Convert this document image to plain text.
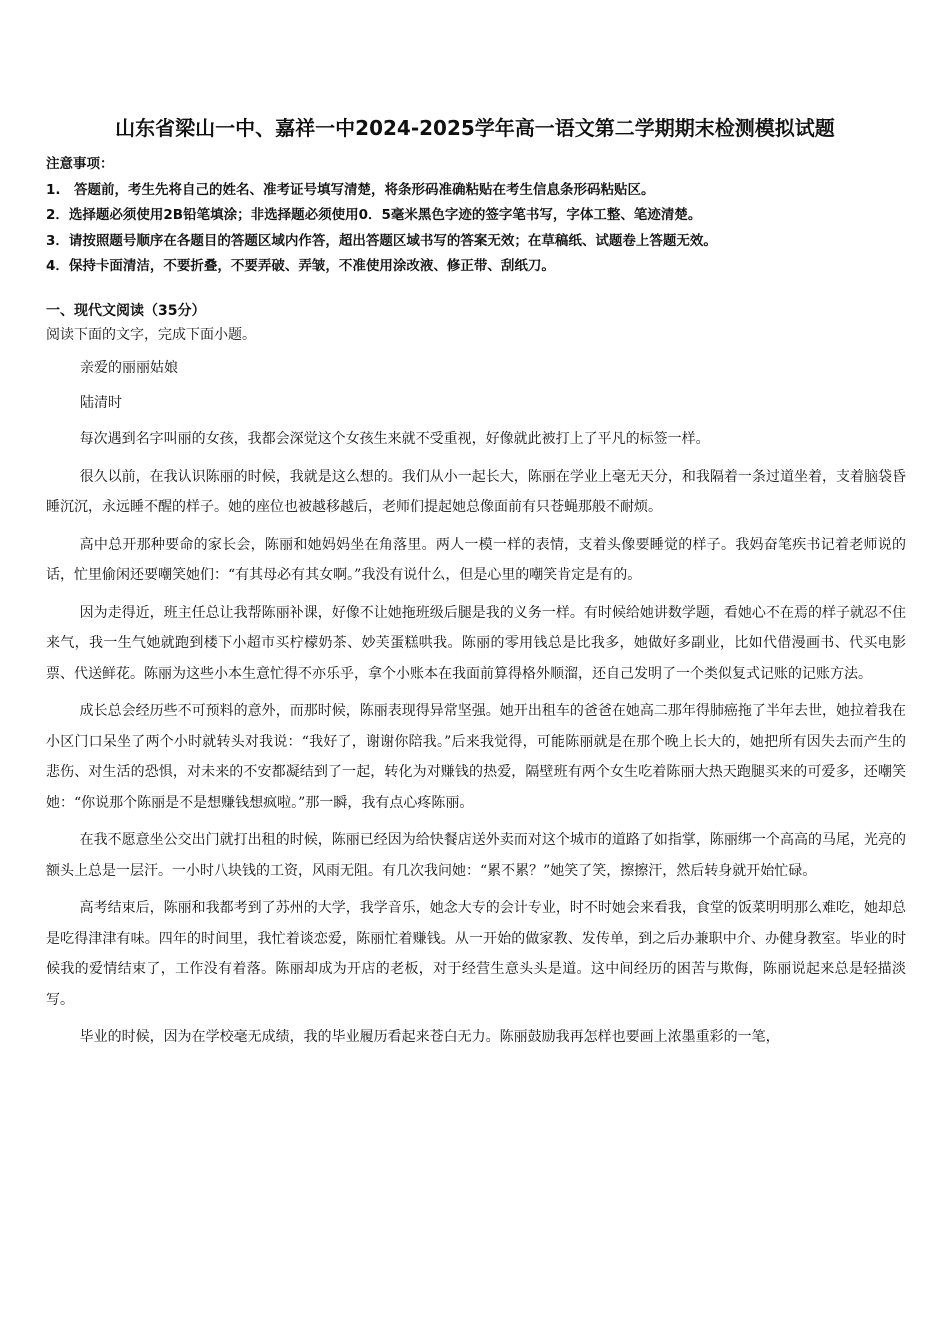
山东省梁山一中、嘉祥一中2024-2025学年高一语文第二学期期末检测模拟试题
注意事项：
1.　答题前，考生先将自己的姓名、准考证号填写清楚，将条形码准确粘贴在考生信息条形码粘贴区。
2．选择题必须使用2B铅笔填涂；非选择题必须使用0．5毫米黑色字迹的签字笔书写，字体工整、笔迹清楚。
3．请按照题号顺序在各题目的答题区域内作答，超出答题区域书写的答案无效；在草稿纸、试题卷上答题无效。
4．保持卡面清洁，不要折叠，不要弄破、弄皱，不准使用涂改液、修正带、刮纸刀。
一、现代文阅读（35分）
阅读下面的文字，完成下面小题。
亲爱的丽丽姑娘
陆清时

每次遇到名字叫丽的女孩，我都会深觉这个女孩生来就不受重视，好像就此被打上了平凡的标签一样。

很久以前，在我认识陈丽的时候，我就是这么想的。我们从小一起长大，陈丽在学业上毫无天分，和我隔着一条过道坐着，支着脑袋昏睡沉沉，永远睡不醒的样子。她的座位也被越移越后，老师们提起她总像面前有只苍蝇那般不耐烦。

高中总开那种要命的家长会，陈丽和她妈妈坐在角落里。两人一模一样的表情，支着头像要睡觉的样子。我妈奋笔疾书记着老师说的话，忙里偷闲还要嘲笑她们：“有其母必有其女啊。”我没有说什么，但是心里的嘲笑肯定是有的。

因为走得近，班主任总让我帮陈丽补课，好像不让她拖班级后腿是我的义务一样。有时候给她讲数学题，看她心不在焉的样子就忍不住来气，我一生气她就跑到楼下小超市买柠檬奶茶、妙芙蛋糕哄我。陈丽的零用钱总是比我多，她做好多副业，比如代借漫画书、代买电影票、代送鲜花。陈丽为这些小本生意忙得不亦乐乎，拿个小账本在我面前算得格外顺溜，还自己发明了一个类似复式记账的记账方法。

成长总会经历些不可预料的意外，而那时候，陈丽表现得异常坚强。她开出租车的爸爸在她高二那年得肺癌拖了半年去世，她拉着我在小区门口呆坐了两个小时就转头对我说：“我好了，谢谢你陪我。”后来我觉得，可能陈丽就是在那个晚上长大的，她把所有因失去而产生的悲伤、对生活的恐惧，对未来的不安都凝结到了一起，转化为对赚钱的热爱，隔壁班有两个女生吃着陈丽大热天跑腿买来的可爱多，还嘲笑她：“你说那个陈丽是不是想赚钱想疯啦。”那一瞬，我有点心疼陈丽。

在我不愿意坐公交出门就打出租的时候，陈丽已经因为给快餐店送外卖而对这个城市的道路了如指掌，陈丽绑一个高高的马尾，光亮的额头上总是一层汗。一小时八块钱的工资，风雨无阻。有几次我问她：“累不累？”她笑了笑，擦擦汗，然后转身就开始忙碌。

高考结束后，陈丽和我都考到了苏州的大学，我学音乐，她念大专的会计专业，时不时她会来看我，食堂的饭菜明明那么难吃，她却总是吃得津津有味。四年的时间里，我忙着谈恋爱，陈丽忙着赚钱。从一开始的做家教、发传单，到之后办兼职中介、办健身教室。毕业的时候我的爱情结束了，工作没有着落。陈丽却成为开店的老板，对于经营生意头头是道。这中间经历的困苦与欺侮，陈丽说起来总是轻描淡写。

毕业的时候，因为在学校毫无成绩，我的毕业履历看起来苍白无力。陈丽鼓励我再怎样也要画上浓墨重彩的一笔，
